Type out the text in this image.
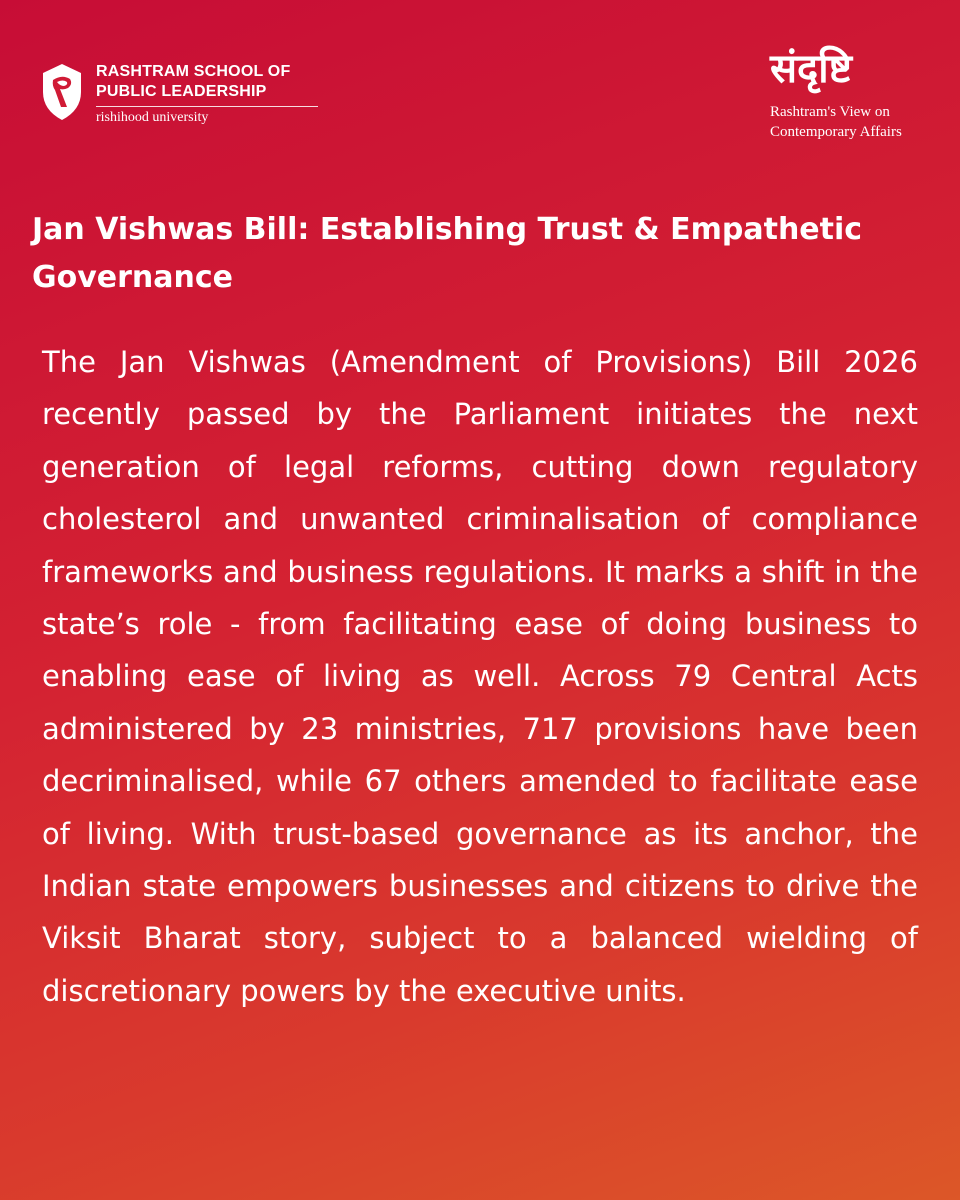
RASHTRAM SCHOOL OF
PUBLIC LEADERSHIP
rishihood university
संदृष्टि
Rashtram's View on
Contemporary Affairs
Jan Vishwas Bill: Establishing Trust & Empathetic Governance

The Jan Vishwas (Amendment of Provisions) Bill 2026 recently passed by the Parliament initiates the next generation of legal reforms, cutting down regulatory cholesterol and unwanted criminalisation of compliance frameworks and business regulations. It marks a shift in the state’s role - from facilitating ease of doing business to enabling ease of living as well. Across 79 Central Acts administered by 23 ministries, 717 provisions have been decriminalised, while 67 others amended to facilitate ease of living. With trust-based governance as its anchor, the Indian state empowers businesses and citizens to drive the Viksit Bharat story, subject to a balanced wielding of discretionary powers by the executive units.
